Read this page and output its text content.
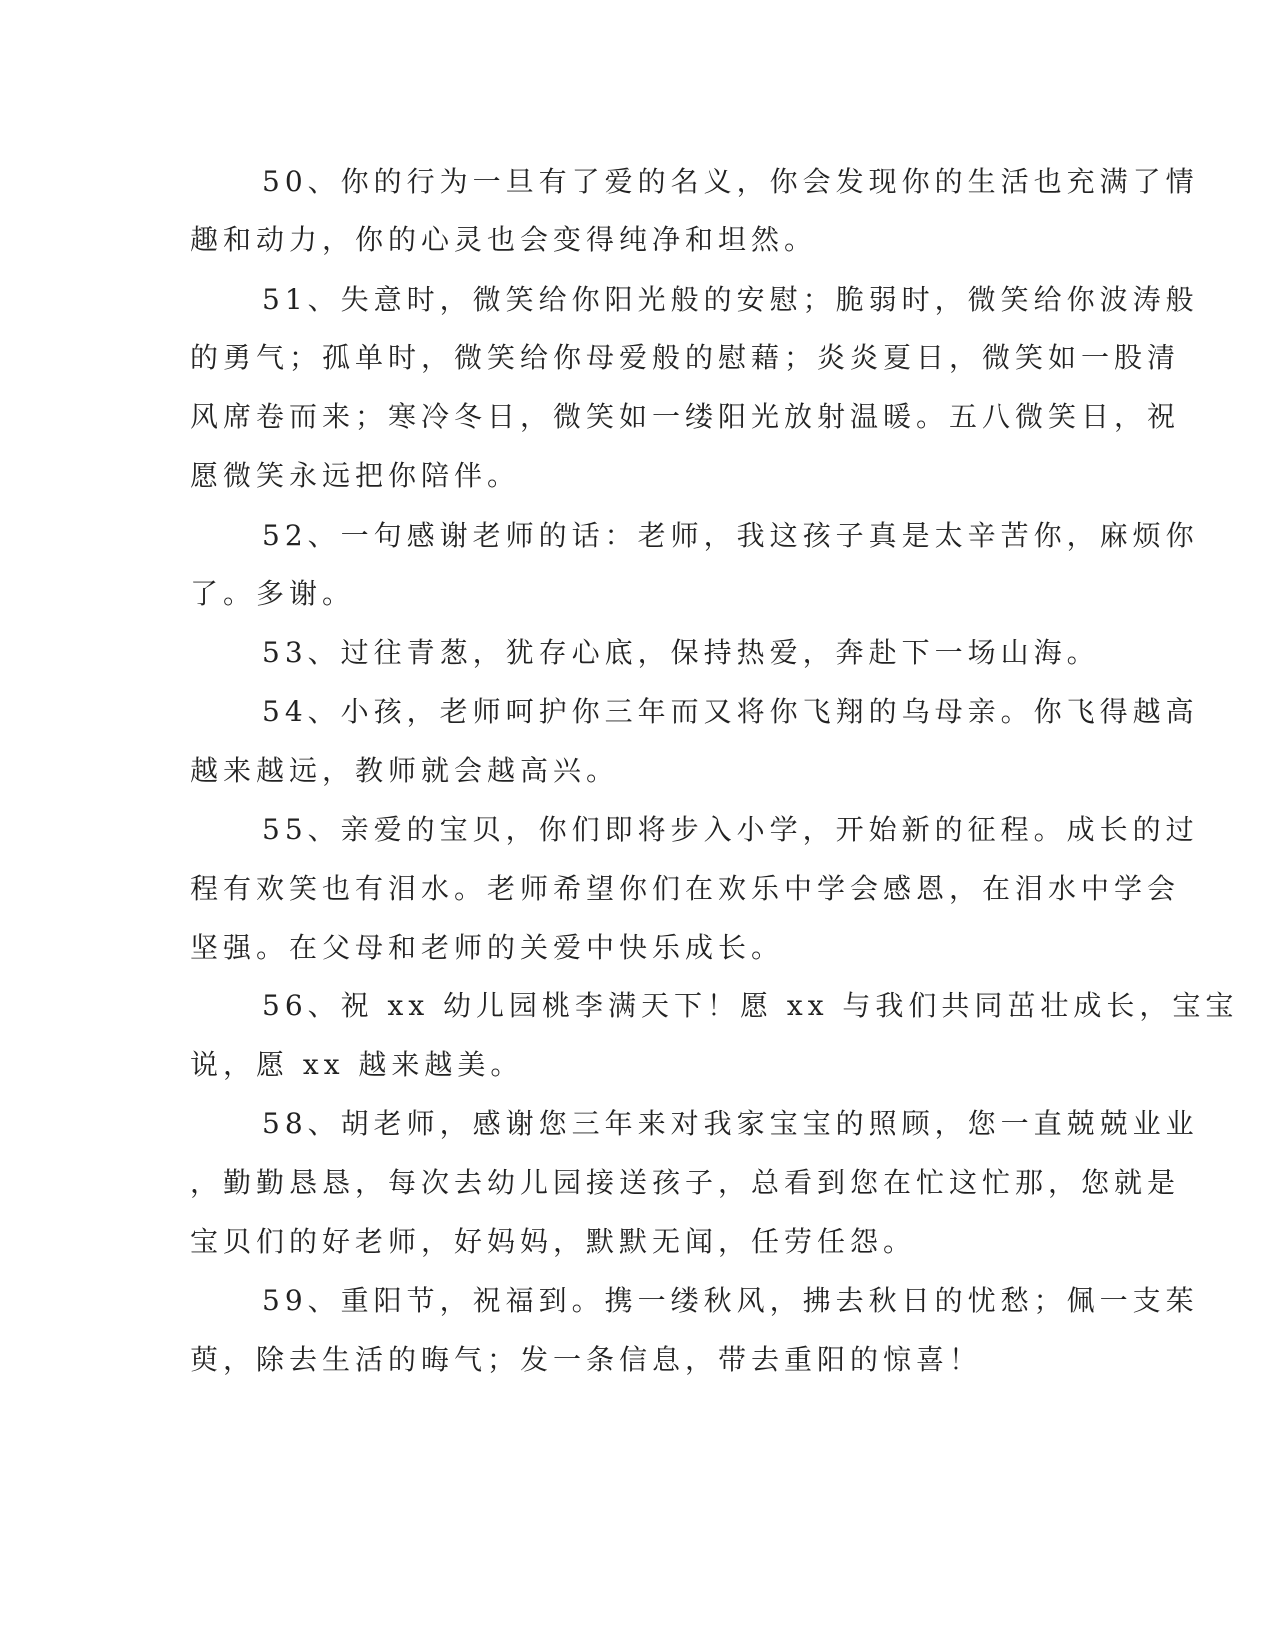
50、你的行为一旦有了爱的名义，你会发现你的生活也充满了情
趣和动力，你的心灵也会变得纯净和坦然。
51、失意时，微笑给你阳光般的安慰；脆弱时，微笑给你波涛般
的勇气；孤单时，微笑给你母爱般的慰藉；炎炎夏日，微笑如一股清
风席卷而来；寒冷冬日，微笑如一缕阳光放射温暖。五八微笑日，祝
愿微笑永远把你陪伴。
52、一句感谢老师的话：老师，我这孩子真是太辛苦你，麻烦你
了。多谢。
53、过往青葱，犹存心底，保持热爱，奔赴下一场山海。
54、小孩，老师呵护你三年而又将你飞翔的乌母亲。你飞得越高
越来越远，教师就会越高兴。
55、亲爱的宝贝，你们即将步入小学，开始新的征程。成长的过
程有欢笑也有泪水。老师希望你们在欢乐中学会感恩，在泪水中学会
坚强。在父母和老师的关爱中快乐成长。
56、祝 xx 幼儿园桃李满天下！愿 xx 与我们共同茁壮成长，宝宝
说，愿 xx 越来越美。
58、胡老师，感谢您三年来对我家宝宝的照顾，您一直兢兢业业
，勤勤恳恳，每次去幼儿园接送孩子，总看到您在忙这忙那，您就是
宝贝们的好老师，好妈妈，默默无闻，任劳任怨。
59、重阳节，祝福到。携一缕秋风，拂去秋日的忧愁；佩一支茱
萸，除去生活的晦气；发一条信息，带去重阳的惊喜！
